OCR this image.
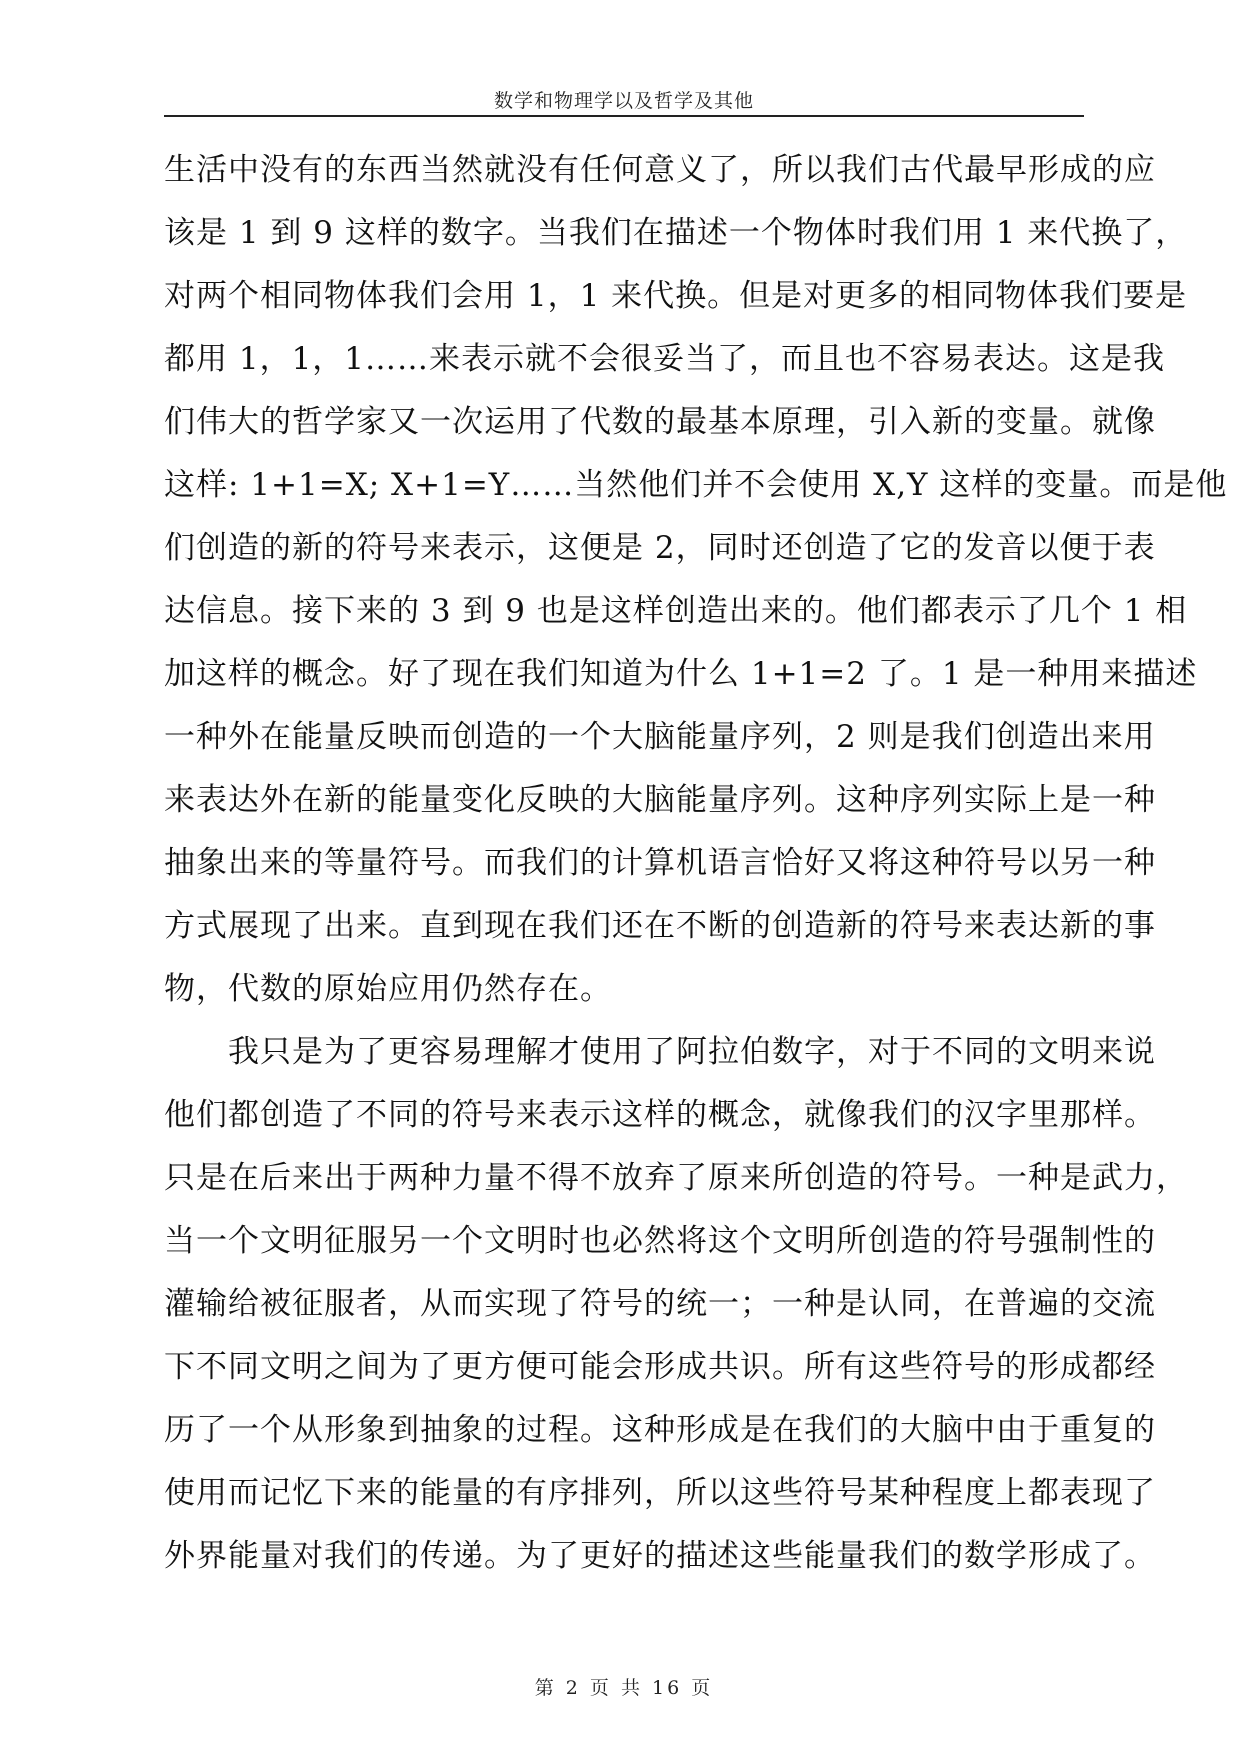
数学和物理学以及哲学及其他
生活中没有的东西当然就没有任何意义了，所以我们古代最早形成的应
该是 1 到 9 这样的数字。当我们在描述一个物体时我们用 1 来代换了，
对两个相同物体我们会用 1，1 来代换。但是对更多的相同物体我们要是
都用 1，1，1……来表示就不会很妥当了，而且也不容易表达。这是我
们伟大的哲学家又一次运用了代数的最基本原理，引入新的变量。就像
这样: 1+1=X; X+1=Y……当然他们并不会使用 X,Y 这样的变量。而是他
们创造的新的符号来表示，这便是 2，同时还创造了它的发音以便于表
达信息。接下来的 3 到 9 也是这样创造出来的。他们都表示了几个 1 相
加这样的概念。好了现在我们知道为什么 1+1=2 了。1 是一种用来描述
一种外在能量反映而创造的一个大脑能量序列，2 则是我们创造出来用
来表达外在新的能量变化反映的大脑能量序列。这种序列实际上是一种
抽象出来的等量符号。而我们的计算机语言恰好又将这种符号以另一种
方式展现了出来。直到现在我们还在不断的创造新的符号来表达新的事
物，代数的原始应用仍然存在。
我只是为了更容易理解才使用了阿拉伯数字，对于不同的文明来说
他们都创造了不同的符号来表示这样的概念，就像我们的汉字里那样。
只是在后来出于两种力量不得不放弃了原来所创造的符号。一种是武力，
当一个文明征服另一个文明时也必然将这个文明所创造的符号强制性的
灌输给被征服者，从而实现了符号的统一；一种是认同，在普遍的交流
下不同文明之间为了更方便可能会形成共识。所有这些符号的形成都经
历了一个从形象到抽象的过程。这种形成是在我们的大脑中由于重复的
使用而记忆下来的能量的有序排列，所以这些符号某种程度上都表现了
外界能量对我们的传递。为了更好的描述这些能量我们的数学形成了。
第 2 页 共 16 页
